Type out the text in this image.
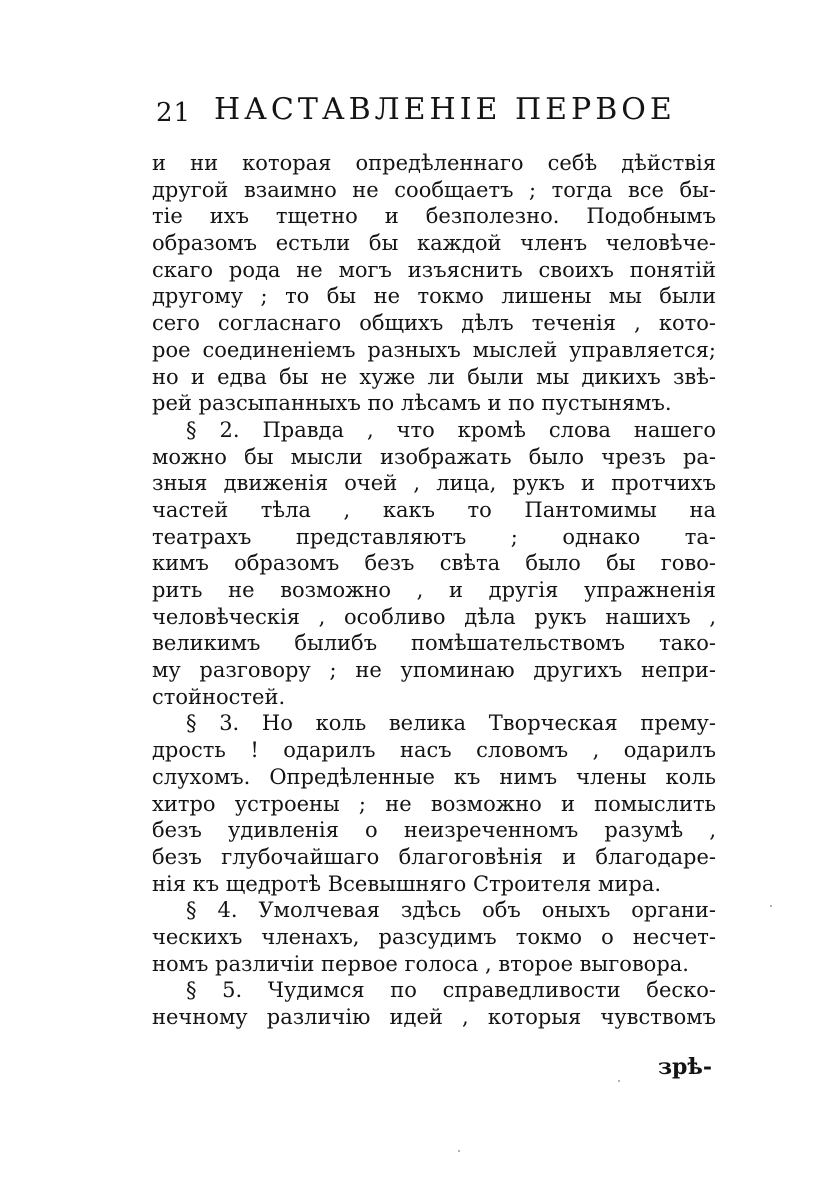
21 НАСТАВЛЕНІЕ ПЕРВОЕ
и ни которая опредѣленнаго себѣ дѣйствія
другой взаимно не сообщаетъ ; тогда все бы-
тіе ихъ тщетно и безполезно. Подобнымъ
образомъ естьли бы каждой членъ человѣче-
скаго рода не могъ изъяснить своихъ понятій
другому ; то бы не токмо лишены мы были
сего согласнаго общихъ дѣлъ теченія , кото-
рое соединеніемъ разныхъ мыслей управляется;
но и едва бы не хуже ли были мы дикихъ звѣ-
рей разсыпанныхъ по лѣсамъ и по пустынямъ.
§ 2. Правда , что кромѣ слова нашего
можно бы мысли изображать было чрезъ ра-
зныя движенія очей , лица, рукъ и протчихъ
частей тѣла , какъ то Пантомимы на
театрахъ представляютъ ; однако та-
кимъ образомъ безъ свѣта было бы гово-
рить не возможно , и другія упражненія
человѣческія , особливо дѣла рукъ нашихъ ,
великимъ былибъ помѣшательствомъ тако-
му разговору ; не упоминаю другихъ непри-
стойностей.
§ 3. Но коль велика Творческая прему-
дрость ! одарилъ насъ словомъ , одарилъ
слухомъ. Опредѣленные къ нимъ члены коль
хитро устроены ; не возможно и помыслить
безъ удивленія о неизреченномъ разумѣ ,
безъ глубочайшаго благоговѣнія и благодаре-
нія къ щедротѣ Всевышняго Строителя мира.
§ 4. Умолчевая здѣсь объ оныхъ органи-
ческихъ членахъ, разсудимъ токмо о несчет-
номъ различіи первое голоса , второе выговора.
§ 5. Чудимся по справедливости беско-
нечному различію идей , которыя чувствомъ
зрѣ-
